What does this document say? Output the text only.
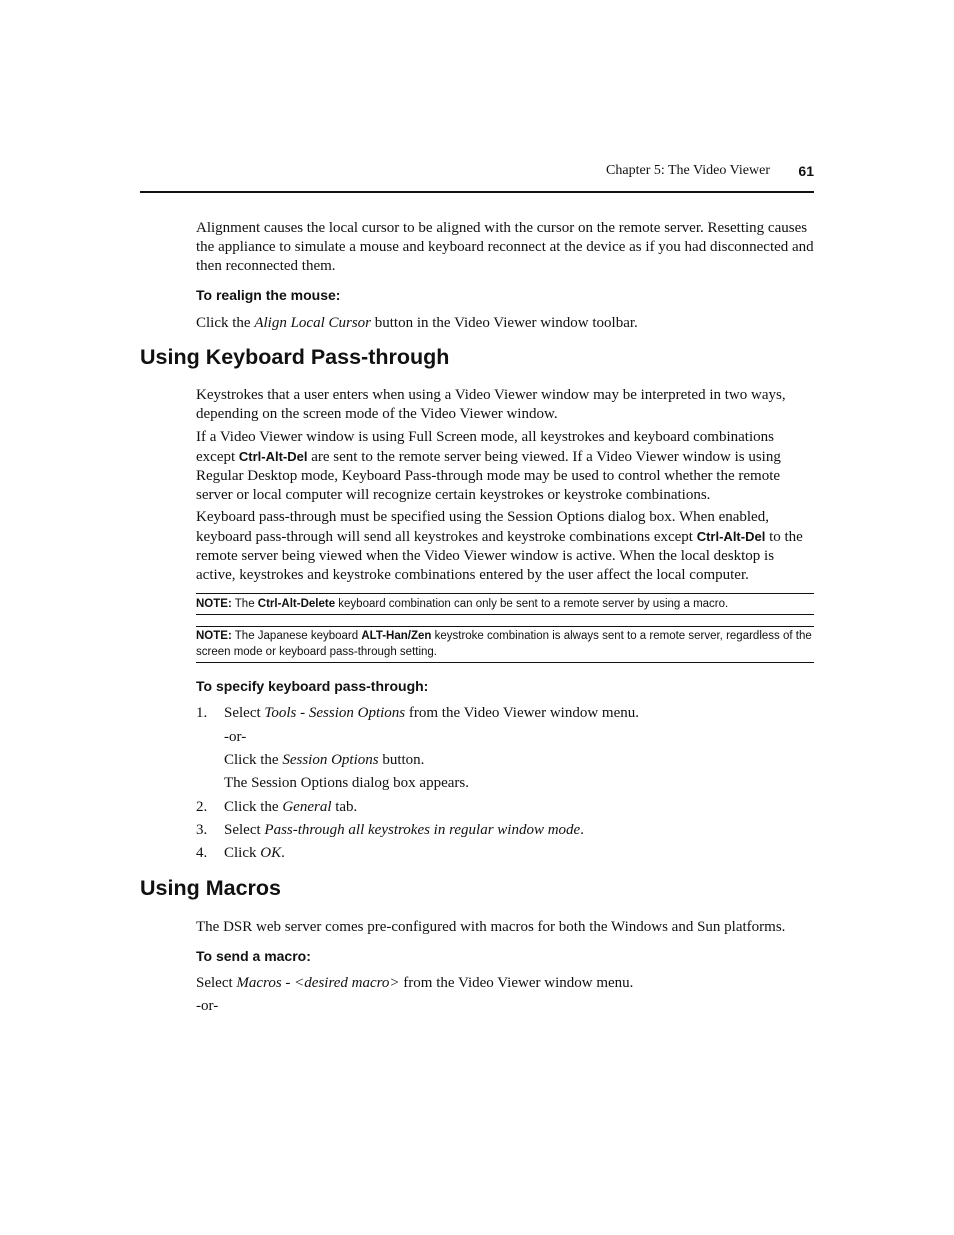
Chapter 5: The Video Viewer 61

Alignment causes the local cursor to be aligned with the cursor on the remote server. Resetting causes the appliance to simulate a mouse and keyboard reconnect at the device as if you had disconnected and then reconnected them.

To realign the mouse:

Click the Align Local Cursor button in the Video Viewer window toolbar.

Using Keyboard Pass-through

Keystrokes that a user enters when using a Video Viewer window may be interpreted in two ways, depending on the screen mode of the Video Viewer window.

If a Video Viewer window is using Full Screen mode, all keystrokes and keyboard combinations except Ctrl-Alt-Del are sent to the remote server being viewed. If a Video Viewer window is using Regular Desktop mode, Keyboard Pass-through mode may be used to control whether the remote server or local computer will recognize certain keystrokes or keystroke combinations.

Keyboard pass-through must be specified using the Session Options dialog box. When enabled, keyboard pass-through will send all keystrokes and keystroke combinations except Ctrl-Alt-Del to the remote server being viewed when the Video Viewer window is active. When the local desktop is active, keystrokes and keystroke combinations entered by the user affect the local computer.

NOTE: The Ctrl-Alt-Delete keyboard combination can only be sent to a remote server by using a macro.
NOTE: The Japanese keyboard ALT-Han/Zen keystroke combination is always sent to a remote server, regardless of the screen mode or keyboard pass-through setting.

To specify keyboard pass-through:

1. Select Tools - Session Options from the Video Viewer window menu.
-or-
Click the Session Options button.
The Session Options dialog box appears.
2. Click the General tab.
3. Select Pass-through all keystrokes in regular window mode.
4. Click OK.
Using Macros

The DSR web server comes pre-configured with macros for both the Windows and Sun platforms.

To send a macro:

Select Macros - <desired macro> from the Video Viewer window menu.

-or-
